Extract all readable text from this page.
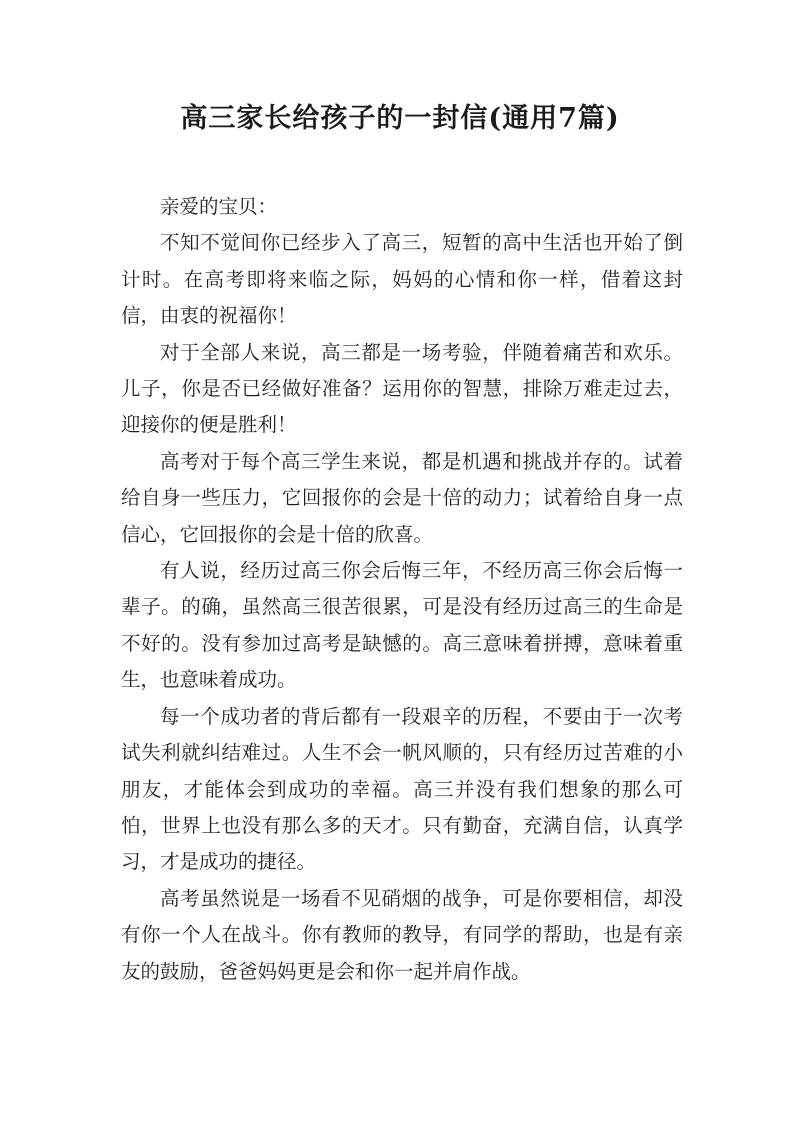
高三家长给孩子的一封信(通用7篇)

亲爱的宝贝：

不知不觉间你已经步入了高三，短暂的高中生活也开始了倒计时。在高考即将来临之际，妈妈的心情和你一样，借着这封信，由衷的祝福你！

对于全部人来说，高三都是一场考验，伴随着痛苦和欢乐。儿子，你是否已经做好准备？运用你的智慧，排除万难走过去，迎接你的便是胜利！

高考对于每个高三学生来说，都是机遇和挑战并存的。试着给自身一些压力，它回报你的会是十倍的动力；试着给自身一点信心，它回报你的会是十倍的欣喜。

有人说，经历过高三你会后悔三年，不经历高三你会后悔一辈子。的确，虽然高三很苦很累，可是没有经历过高三的生命是不好的。没有参加过高考是缺憾的。高三意味着拼搏，意味着重生，也意味着成功。

每一个成功者的背后都有一段艰辛的历程，不要由于一次考试失利就纠结难过。人生不会一帆风顺的，只有经历过苦难的小朋友，才能体会到成功的幸福。高三并没有我们想象的那么可怕，世界上也没有那么多的天才。只有勤奋，充满自信，认真学习，才是成功的捷径。

高考虽然说是一场看不见硝烟的战争，可是你要相信，却没有你一个人在战斗。你有教师的教导，有同学的帮助，也是有亲友的鼓励，爸爸妈妈更是会和你一起并肩作战。
